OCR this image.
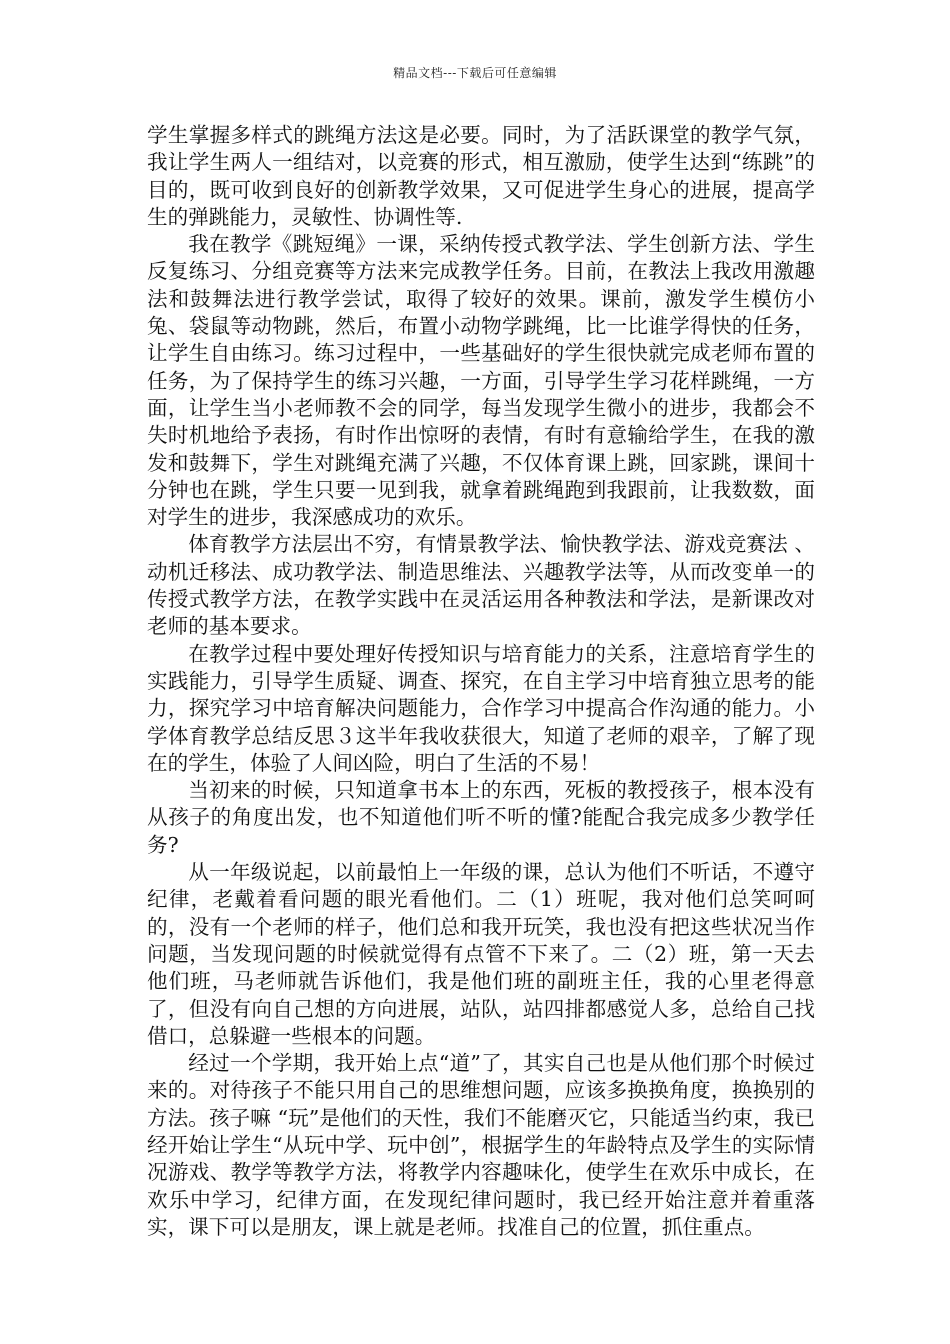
精品文档---下载后可任意编辑

学生掌握多样式的跳绳方法这是必要。同时，为了活跃课堂的教学气氛，我让学生两人一组结对，以竞赛的形式，相互激励，使学生达到“练跳”的目的，既可收到良好的创新教学效果，又可促进学生身心的进展，提高学生的弹跳能力，灵敏性、协调性等.

我在教学《跳短绳》一课，采纳传授式教学法、学生创新方法、学生反复练习、分组竞赛等方法来完成教学任务。目前，在教法上我改用激趣法和鼓舞法进行教学尝试，取得了较好的效果。课前，激发学生模仿小兔、袋鼠等动物跳，然后，布置小动物学跳绳，比一比谁学得快的任务，让学生自由练习。练习过程中，一些基础好的学生很快就完成老师布置的任务，为了保持学生的练习兴趣，一方面，引导学生学习花样跳绳，一方面，让学生当小老师教不会的同学，每当发现学生微小的进步，我都会不失时机地给予表扬，有时作出惊呀的表情，有时有意输给学生，在我的激发和鼓舞下，学生对跳绳充满了兴趣，不仅体育课上跳，回家跳，课间十分钟也在跳，学生只要一见到我，就拿着跳绳跑到我跟前，让我数数，面对学生的进步，我深感成功的欢乐。

体育教学方法层出不穷，有情景教学法、愉快教学法、游戏竞赛法 、动机迁移法、成功教学法、制造思维法、兴趣教学法等，从而改变单一的传授式教学方法，在教学实践中在灵活运用各种教法和学法，是新课改对老师的基本要求。

在教学过程中要处理好传授知识与培育能力的关系，注意培育学生的实践能力，引导学生质疑、调查、探究，在自主学习中培育独立思考的能力，探究学习中培育解决问题能力，合作学习中提高合作沟通的能力。小学体育教学总结反思３这半年我收获很大，知道了老师的艰辛，了解了现在的学生，体验了人间凶险，明白了生活的不易！

当初来的时候，只知道拿书本上的东西，死板的教授孩子，根本没有从孩子的角度出发，也不知道他们听不听的懂?能配合我完成多少教学任务?

从一年级说起，以前最怕上一年级的课，总认为他们不听话，不遵守纪律，老戴着看问题的眼光看他们。二（1）班呢，我对他们总笑呵呵的，没有一个老师的样子，他们总和我开玩笑，我也没有把这些状况当作问题，当发现问题的时候就觉得有点管不下来了。二（2）班，第一天去他们班，马老师就告诉他们，我是他们班的副班主任，我的心里老得意了，但没有向自己想的方向进展，站队，站四排都感觉人多，总给自己找借口，总躲避一些根本的问题。

经过一个学期，我开始上点“道”了，其实自己也是从他们那个时候过来的。对待孩子不能只用自己的思维想问题，应该多换换角度，换换别的方法。孩子嘛 “玩”是他们的天性，我们不能磨灭它，只能适当约束，我已经开始让学生“从玩中学、玩中创”，根据学生的年龄特点及学生的实际情况游戏、教学等教学方法，将教学内容趣味化，使学生在欢乐中成长，在欢乐中学习，纪律方面，在发现纪律问题时，我已经开始注意并着重落实，课下可以是朋友，课上就是老师。找准自己的位置，抓住重点。
